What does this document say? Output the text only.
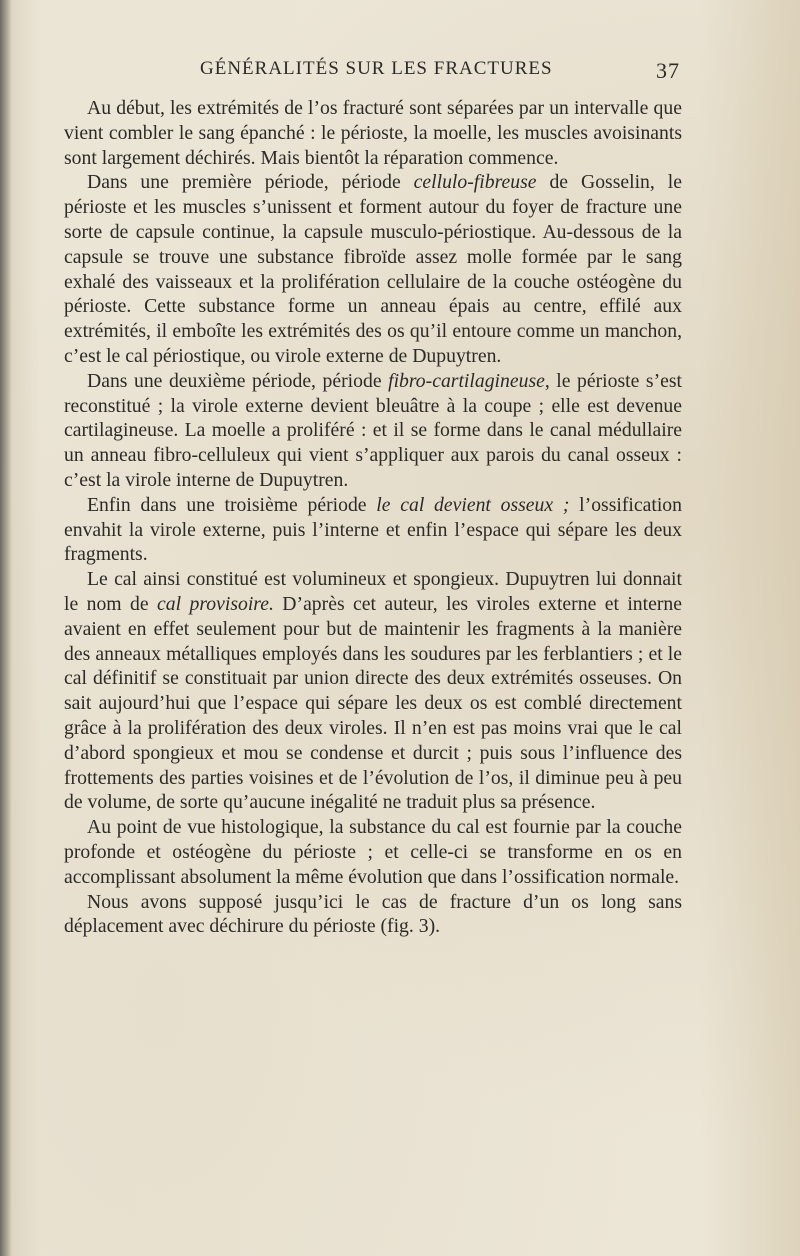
GÉNÉRALITÉS SUR LES FRACTURES	37

Au début, les extrémités de l’os fracturé sont séparées par un intervalle que vient combler le sang épanché : le périoste, la moelle, les muscles avoisinants sont largement déchirés. Mais bientôt la réparation commence.

Dans une première période, période cellulo-fibreuse de Gosselin, le périoste et les muscles s’unissent et forment autour du foyer de fracture une sorte de capsule continue, la capsule musculo-périostique. Au-dessous de la capsule se trouve une substance fibroïde assez molle formée par le sang exhalé des vaisseaux et la prolifération cellulaire de la couche ostéogène du périoste. Cette substance forme un anneau épais au centre, effilé aux extrémités, il emboîte les extrémités des os qu’il entoure comme un manchon, c’est le cal périostique, ou virole externe de Dupuytren.

Dans une deuxième période, période fibro-cartilagineuse, le périoste s’est reconstitué ; la virole externe devient bleuâtre à la coupe ; elle est devenue cartilagineuse. La moelle a proliféré : et il se forme dans le canal médullaire un anneau fibro-celluleux qui vient s’appliquer aux parois du canal osseux : c’est la virole interne de Dupuytren.

Enfin dans une troisième période le cal devient osseux ; l’ossification envahit la virole externe, puis l’interne et enfin l’espace qui sépare les deux fragments.

Le cal ainsi constitué est volumineux et spongieux. Dupuytren lui donnait le nom de cal provisoire. D’après cet auteur, les viroles externe et interne avaient en effet seulement pour but de maintenir les fragments à la manière des anneaux métalliques employés dans les soudures par les ferblantiers ; et le cal définitif se constituait par union directe des deux extrémités osseuses. On sait aujourd’hui que l’espace qui sépare les deux os est comblé directement grâce à la prolifération des deux viroles. Il n’en est pas moins vrai que le cal d’abord spongieux et mou se condense et durcit ; puis sous l’influence des frottements des parties voisines et de l’évolution de l’os, il diminue peu à peu de volume, de sorte qu’aucune inégalité ne traduit plus sa présence.

Au point de vue histologique, la substance du cal est fournie par la couche profonde et ostéogène du périoste ; et celle-ci se transforme en os en accomplissant absolument la même évolution que dans l’ossification normale.

Nous avons supposé jusqu’ici le cas de fracture d’un os long sans déplacement avec déchirure du périoste (fig. 3).
